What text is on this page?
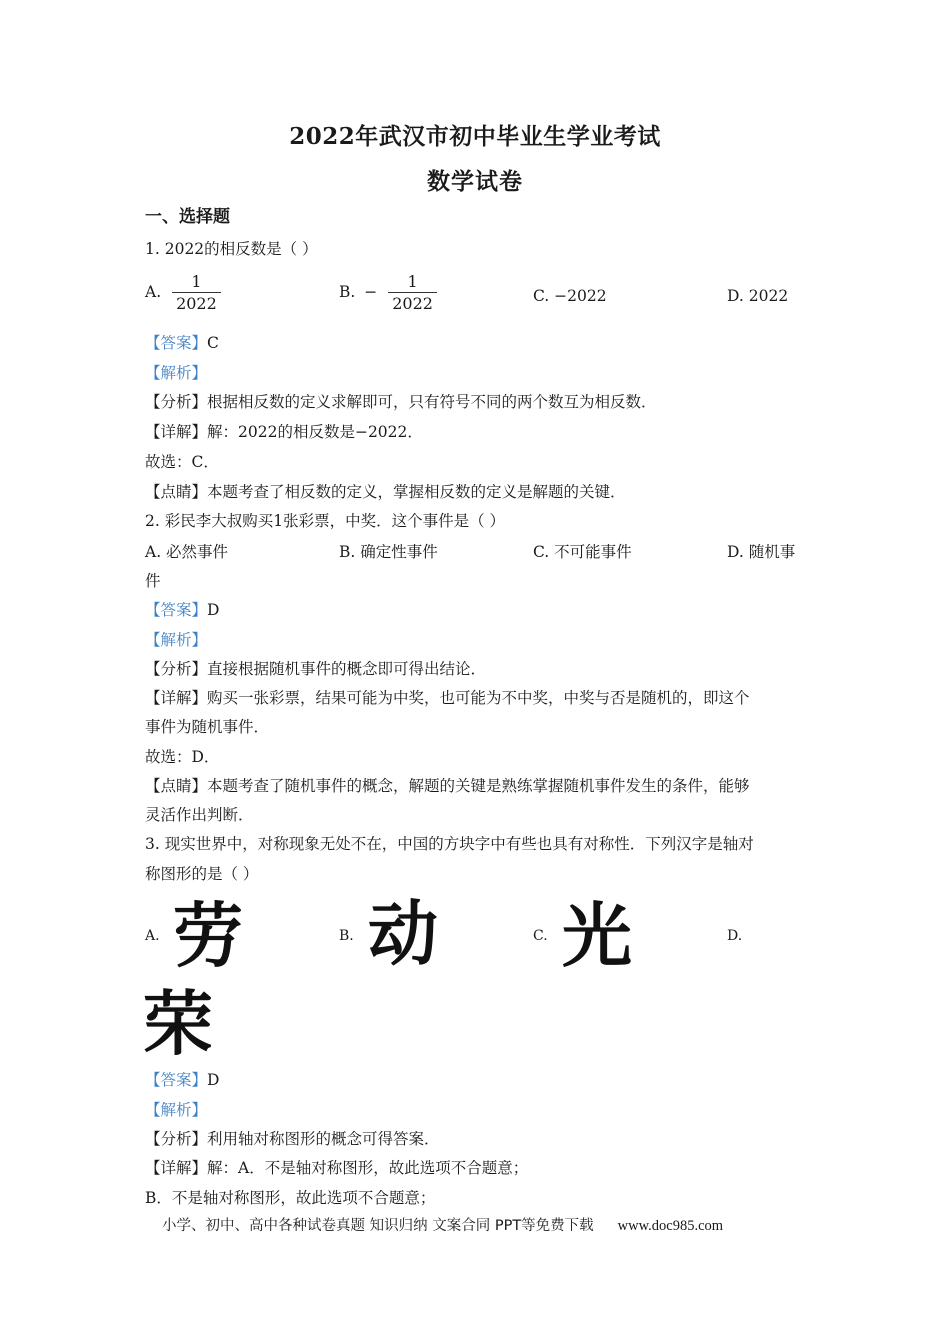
2022年武汉市初中毕业生学业考试
数学试卷
一、选择题
1. 2022的相反数是（ ）
A. $\frac{1}{2022}$	B. − $\frac{1}{2022}$	C. −2022	D. 2022
【答案】C
【解析】
【分析】根据相反数的定义求解即可，只有符号不同的两个数互为相反数．
【详解】解：2022的相反数是−2022．
故选：C．
【点睛】本题考查了相反数的定义，掌握相反数的定义是解题的关键．
2. 彩民李大叔购买1张彩票，中奖．这个事件是（ ）
A. 必然事件	B. 确定性事件	C. 不可能事件	D. 随机事
件
【答案】D
【解析】
【分析】直接根据随机事件的概念即可得出结论．
【详解】购买一张彩票，结果可能为中奖，也可能为不中奖，中奖与否是随机的，即这个
事件为随机事件．
故选：D．
【点睛】本题考查了随机事件的概念，解题的关键是熟练掌握随机事件发生的条件，能够
灵活作出判断．
3. 现实世界中，对称现象无处不在，中国的方块字中有些也具有对称性．下列汉字是轴对
称图形的是（ ）
A. 劳	B. 动	C. 光	D.
荣
【答案】D
【解析】
【分析】利用轴对称图形的概念可得答案．
【详解】解：A．不是轴对称图形，故此选项不合题意；
B．不是轴对称图形，故此选项不合题意；
小学、初中、高中各种试卷真题 知识归纳 文案合同 PPT等免费下载 www.doc985.com
